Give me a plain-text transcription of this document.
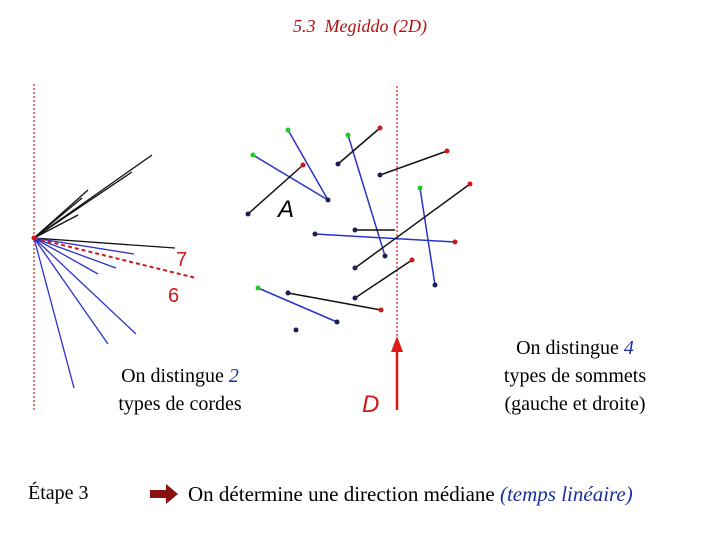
5.3 Megiddo (2D)
7
6
A
D
On distingue 2
types de cordes
On distingue 4
types de sommets
(gauche et droite)
Étape 3	On détermine une direction médiane (temps linéaire)
